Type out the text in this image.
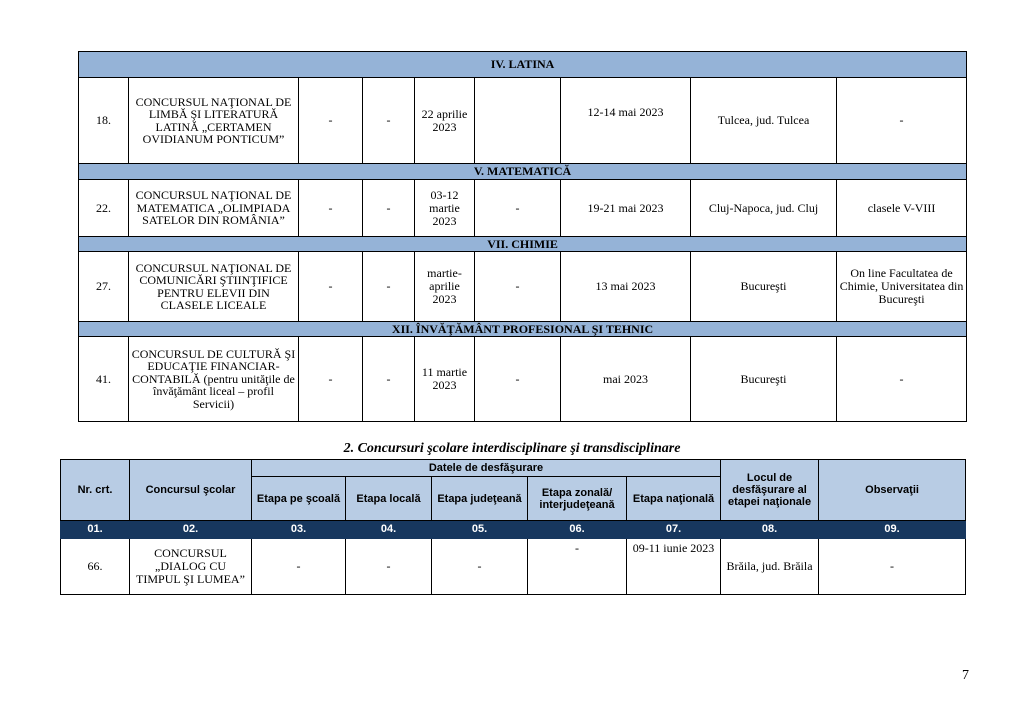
IV. LATINA								
18.	CONCURSUL NAŢIONAL DE LIMBĂ ŞI LITERATURĂ LATINĂ „CERTAMEN OVIDIANUM PONTICUM”	-	-	22 aprilie 2023		12-14 mai 2023	Tulcea, jud. Tulcea	-
V. MATEMATICĂ								
22.	CONCURSUL NAŢIONAL DE MATEMATICA „OLIMPIADA SATELOR DIN ROMÂNIA”	-	-	03-12 martie 2023	-	19-21 mai 2023	Cluj-Napoca, jud. Cluj	clasele V-VIII
VII. CHIMIE								
27.	CONCURSUL NAŢIONAL DE COMUNICĂRI ŞTIINŢIFICE PENTRU ELEVII DIN CLASELE LICEALE	-	-	martie-aprilie 2023	-	13 mai 2023	Bucureşti	On line Facultatea de Chimie, Universitatea din Bucureşti
XII. ÎNVĂŢĂMÂNT PROFESIONAL ŞI TEHNIC								
41.	CONCURSUL DE CULTURĂ ŞI EDUCAŢIE FINANCIAR-CONTABILĂ (pentru unităţile de învăţământ liceal – profil Servicii)	-	-	11 martie 2023	-	mai 2023	Bucureşti	-
2. Concursuri şcolare interdisciplinare şi transdisciplinare
Nr. crt.	Concursul şcolar	Datele de desfăşurare					Locul de desfăşurare al etapei naţionale	Observaţii
		Etapa pe şcoală	Etapa locală	Etapa judeţeană	Etapa zonală/ interjudeţeană	Etapa naţională		
01.	02.	03.	04.	05.	06.	07.	08.	09.
66.	CONCURSUL „DIALOG CU TIMPUL ŞI LUMEA”	-	-	-	-	09-11 iunie 2023	Brăila, jud. Brăila	-
7
